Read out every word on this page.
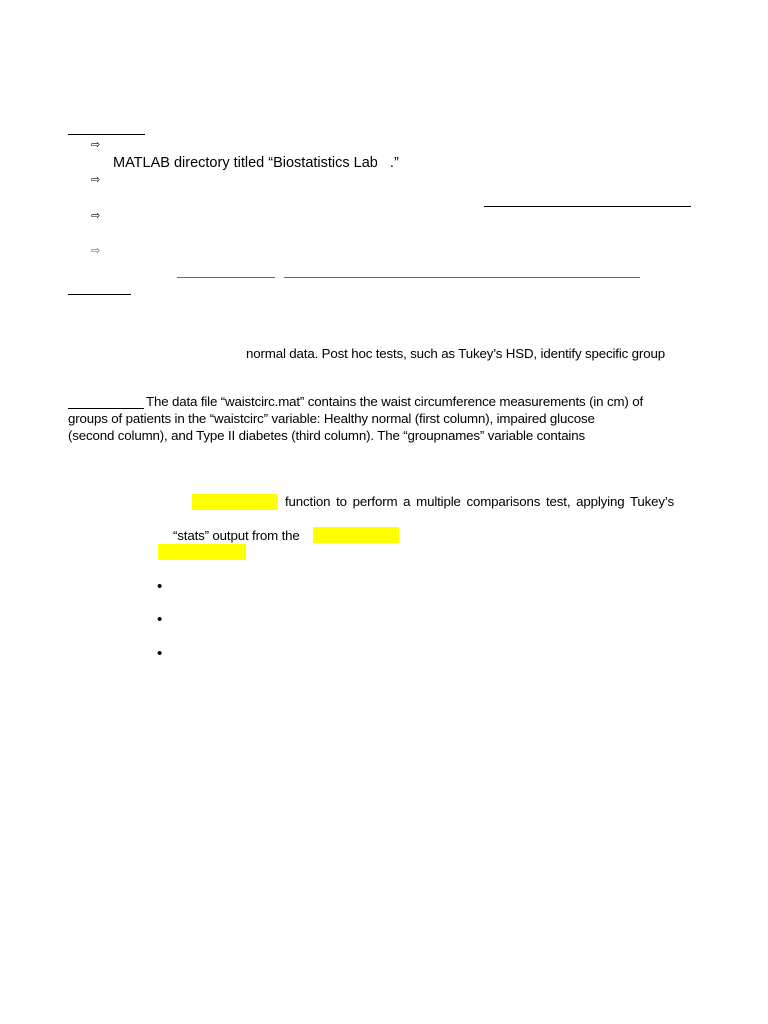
⇨
MATLAB directory titled “Biostatistics Lab   .”
⇨
⇨
⇨
normal data. Post hoc tests, such as Tukey’s HSD, identify specific group
The data file “waistcirc.mat” contains the waist circumference measurements (in cm) of
groups of patients in the “waistcirc” variable: Healthy normal (first column), impaired glucose
(second column), and Type II diabetes (third column). The “groupnames” variable contains
function to perform a multiple comparisons test, applying Tukey’s
“stats” output from the
•
•
•
